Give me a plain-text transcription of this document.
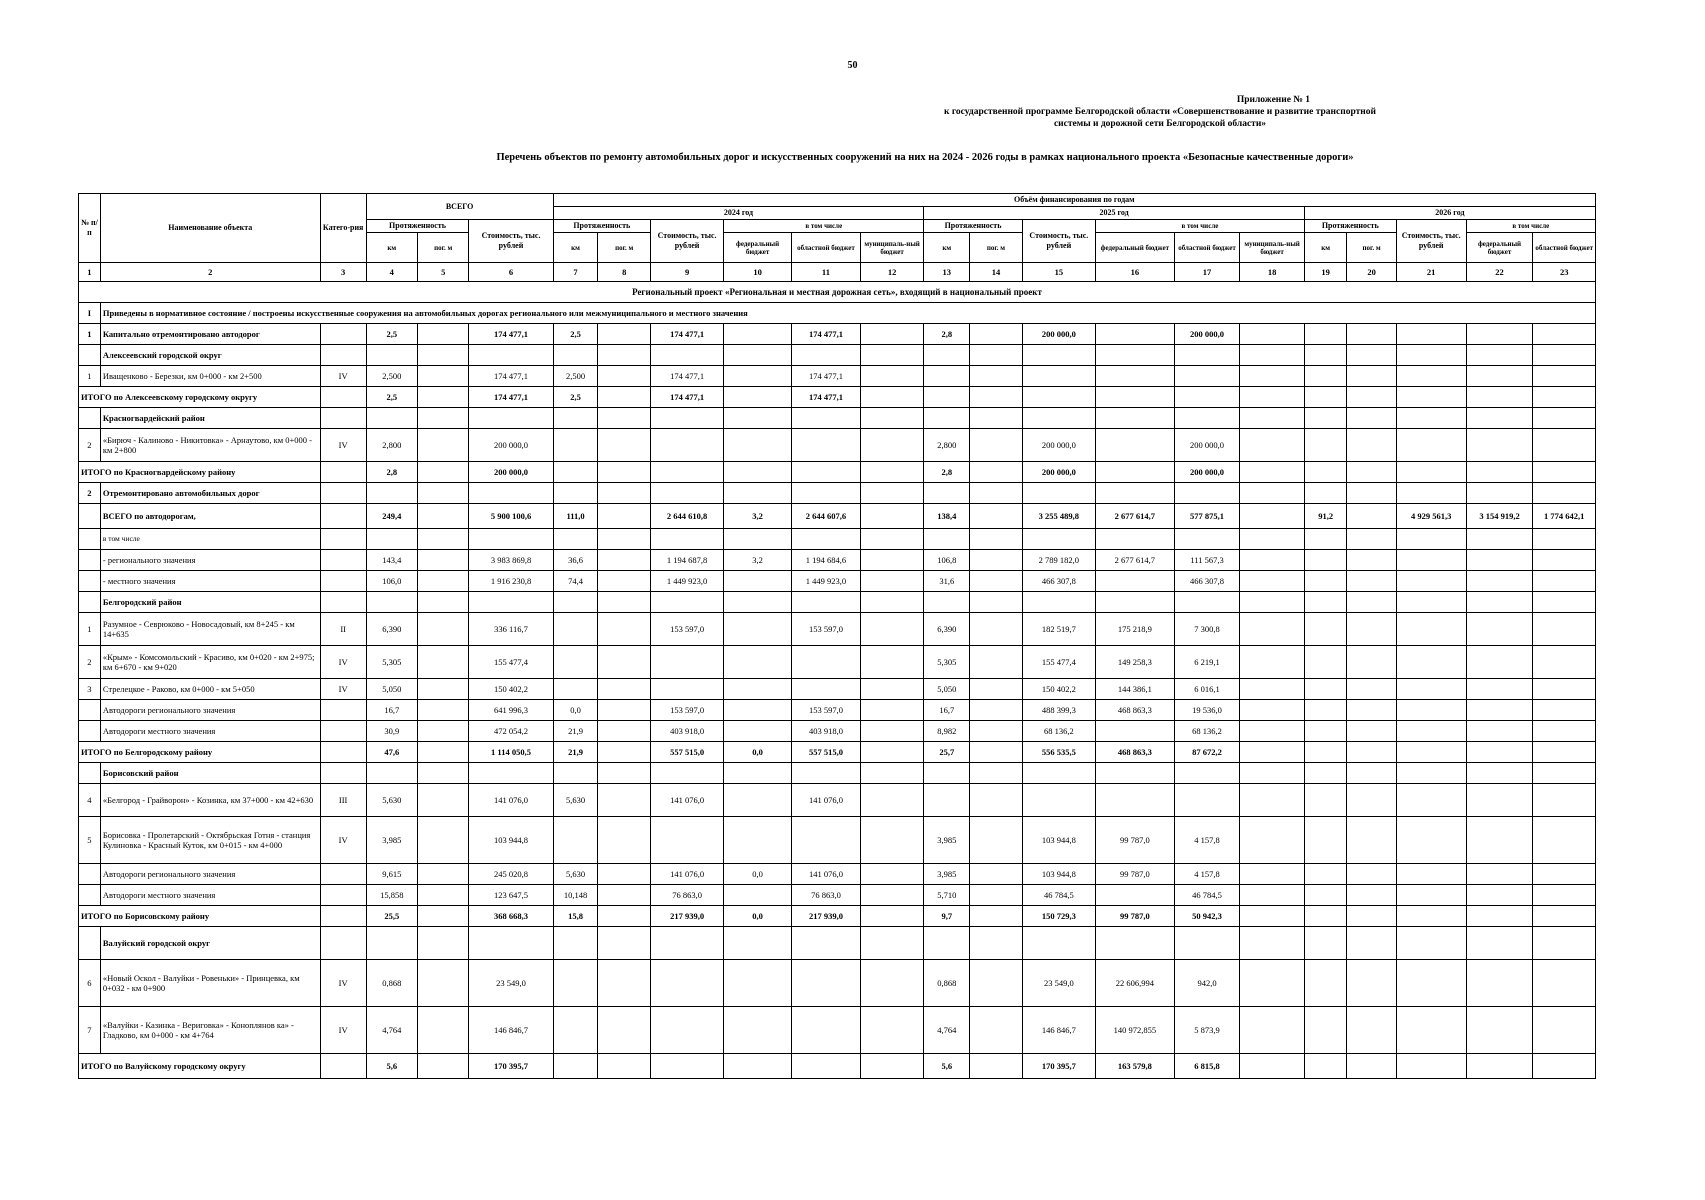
50
Приложение № 1
к государственной программе Белгородской области «Совершенствование и развитие транспортной
системы и дорожной сети Белгородской области»
Перечень объектов по ремонту автомобильных дорог и искусственных сооружений на них на 2024 - 2026 годы в рамках национального проекта «Безопасные качественные дороги»
№ п/п	Наименование объекта	Катего-рия	ВСЕГО			Объём финансирования по годам																
						2024 год						2025 год						2026 год				
			Протяженность		Стоимость, тыс. рублей	Протяженность		Стоимость, тыс. рублей	в том числе			Протяженность		Стоимость, тыс. рублей	в том числе			Протяженность		Стоимость, тыс. рублей	в том числе	
			км	пог. м		км	пог. м		федеральный бюджет	областной бюджет	муниципаль-ный бюджет	км	пог. м		федеральный бюджет	областной бюджет	муниципаль-ный бюджет	км	пог. м		федеральный бюджет	областной бюджет
1	2	3	4	5	6	7	8	9	10	11	12	13	14	15	16	17	18	19	20	21	22	23
Региональный проект «Региональная и местная дорожная сеть», входящий в национальный проект																						
I	Приведены в нормативное состояние / построены искусственные сооружения на автомобильных дорогах регионального или межмуниципального и местного значения																					
1	Капитально отремонтировано автодорог		2,5		174 477,1	2,5		174 477,1		174 477,1		2,8		200 000,0		200 000,0						
	Алексеевский городской округ																					
1	Иващенково - Березки, км 0+000 - км 2+500	IV	2,500		174 477,1	2,500		174 477,1		174 477,1												
ИТОГО по Алексеевскому городскому округу			2,5		174 477,1	2,5		174 477,1		174 477,1												
	Красногвардейский район																					
2	«Бирюч - Калиново - Никитовка» - Арнаутово, км 0+000 - км 2+800	IV	2,800		200 000,0							2,800		200 000,0		200 000,0						
ИТОГО по Красногвардейскому району			2,8		200 000,0							2,8		200 000,0		200 000,0						
2	Отремонтировано автомобильных дорог																					
	ВСЕГО по автодорогам,		249,4		5 900 100,6	111,0		2 644 610,8	3,2	2 644 607,6		138,4		3 255 489,8	2 677 614,7	577 875,1		91,2		4 929 561,3	3 154 919,2	1 774 642,1
	в том числе																					
	- регионального значения		143,4		3 983 869,8	36,6		1 194 687,8	3,2	1 194 684,6		106,8		2 789 182,0	2 677 614,7	111 567,3						
	- местного значения		106,0		1 916 230,8	74,4		1 449 923,0		1 449 923,0		31,6		466 307,8		466 307,8						
	Белгородский район																					
1	Разумное - Севрюково - Новосадовый, км 8+245 - км 14+635	II	6,390		336 116,7			153 597,0		153 597,0		6,390		182 519,7	175 218,9	7 300,8						
2	«Крым» - Комсомольский - Красиво, км 0+020 - км 2+975; км 6+670 - км 9+020	IV	5,305		155 477,4							5,305		155 477,4	149 258,3	6 219,1						
3	Стрелецкое - Раково, км 0+000 - км 5+050	IV	5,050		150 402,2							5,050		150 402,2	144 386,1	6 016,1						
	Автодороги регионального значения		16,7		641 996,3	0,0		153 597,0		153 597,0		16,7		488 399,3	468 863,3	19 536,0						
	Автодороги местного значения		30,9		472 054,2	21,9		403 918,0		403 918,0		8,982		68 136,2		68 136,2						
ИТОГО по Белгородскому району			47,6		1 114 050,5	21,9		557 515,0	0,0	557 515,0		25,7		556 535,5	468 863,3	87 672,2						
	Борисовский район																					
4	«Белгород - Грайворон» - Козинка, км 37+000 - км 42+630	III	5,630		141 076,0	5,630		141 076,0		141 076,0												
5	Борисовка - Пролетарский - Октябрьская Готня - станция Кулиновка - Красный Куток, км 0+015 - км 4+000	IV	3,985		103 944,8							3,985		103 944,8	99 787,0	4 157,8						
	Автодороги регионального значения		9,615		245 020,8	5,630		141 076,0	0,0	141 076,0		3,985		103 944,8	99 787,0	4 157,8						
	Автодороги местного значения		15,858		123 647,5	10,148		76 863,0		76 863,0		5,710		46 784,5		46 784,5						
ИТОГО по Борисовскому району			25,5		368 668,3	15,8		217 939,0	0,0	217 939,0		9,7		150 729,3	99 787,0	50 942,3						
	Валуйский городской округ																					
6	«Новый Оскол - Валуйки - Ровеньки» - Принцевка, км 0+032 - км 0+900	IV	0,868		23 549,0							0,868		23 549,0	22 606,994	942,0						
7	«Валуйки - Казинка - Вериговка» - Коноплянов ка» - Гладково, км 0+000 - км 4+764	IV	4,764		146 846,7							4,764		146 846,7	140 972,855	5 873,9						
ИТОГО по Валуйскому городскому округу			5,6		170 395,7							5,6		170 395,7	163 579,8	6 815,8						
